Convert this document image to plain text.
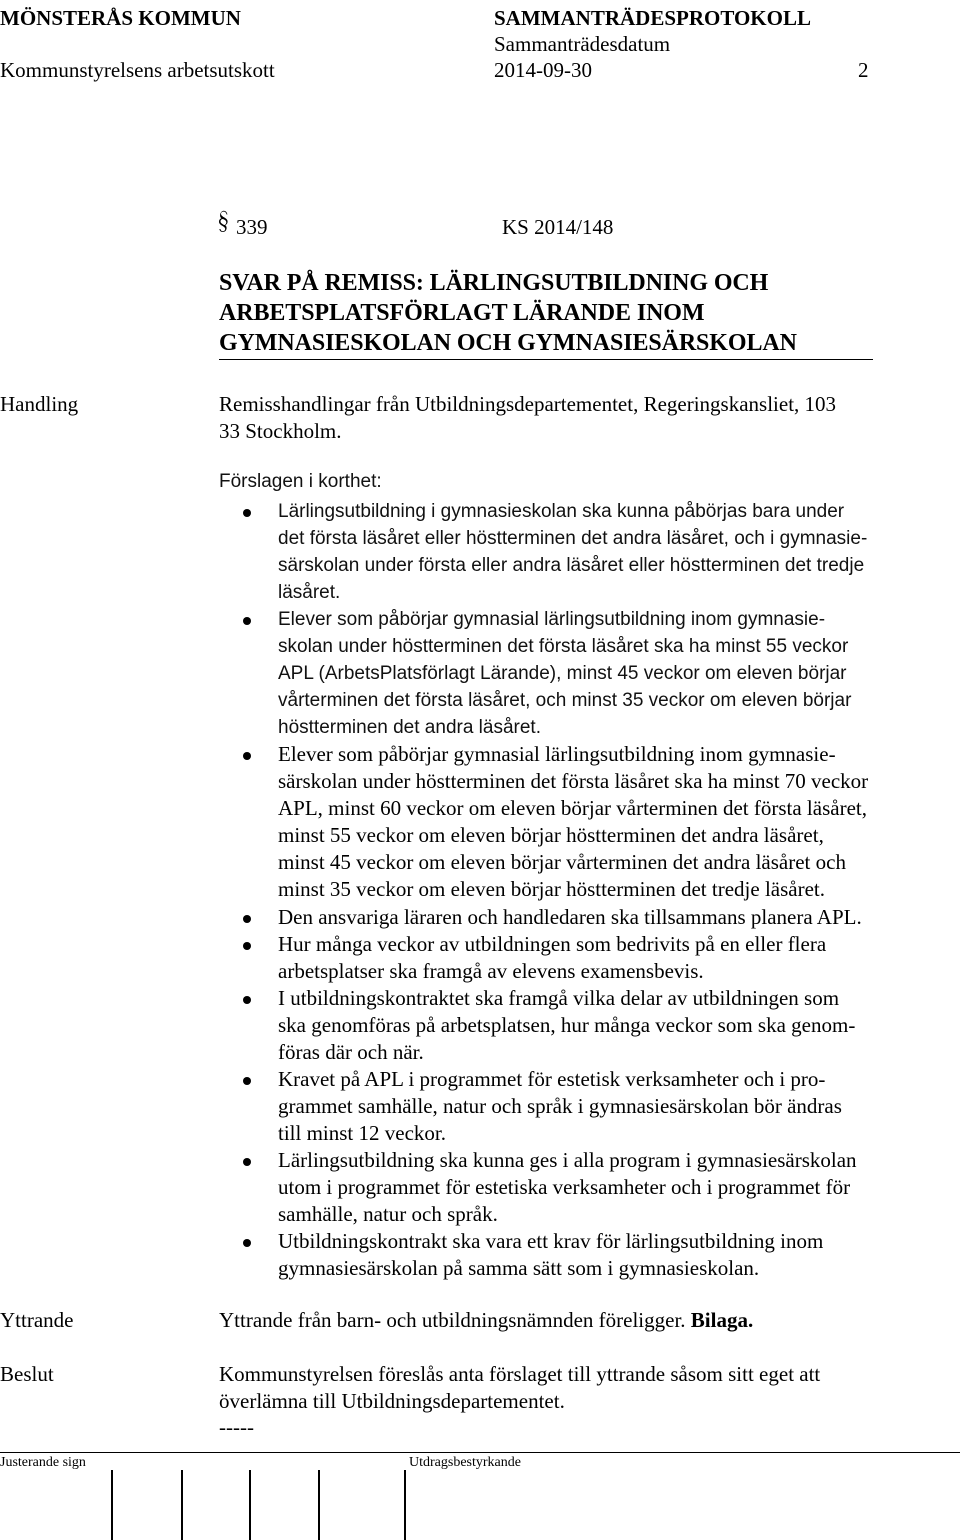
MÖNSTERÅS KOMMUN	SAMMANTRÄDESPROTOKOLL
Sammanträdesdatum
Kommunstyrelsens arbetsutskott	2014-09-30	2
339	KS 2014/148
SVAR PÅ REMISS: LÄRLINGSUTBILDNING OCH
ARBETSPLATSFÖRLAGT LÄRANDE INOM
GYMNASIESKOLAN OCH GYMNASIESÄRSKOLAN
Handling	Remisshandlingar från Utbildningsdepartementet, Regeringskansliet, 103
33 Stockholm.
Förslagen i korthet:
Lärlingsutbildning i gymnasieskolan ska kunna påbörjas bara under
det första läsåret eller höstterminen det andra läsåret, och i gymnasie-
särskolan under första eller andra läsåret eller höstterminen det tredje
läsåret.
Elever som påbörjar gymnasial lärlingsutbildning inom gymnasie-
skolan under höstterminen det första läsåret ska ha minst 55 veckor
APL (ArbetsPlatsförlagt Lärande), minst 45 veckor om eleven börjar
vårterminen det första läsåret, och minst 35 veckor om eleven börjar
höstterminen det andra läsåret.
Elever som påbörjar gymnasial lärlingsutbildning inom gymnasie-
särskolan under höstterminen det första läsåret ska ha minst 70 veckor
APL, minst 60 veckor om eleven börjar vårterminen det första läsåret,
minst 55 veckor om eleven börjar höstterminen det andra läsåret,
minst 45 veckor om eleven börjar vårterminen det andra läsåret och
minst 35 veckor om eleven börjar höstterminen det tredje läsåret.
Den ansvariga läraren och handledaren ska tillsammans planera APL.
Hur många veckor av utbildningen som bedrivits på en eller flera
arbetsplatser ska framgå av elevens examensbevis.
I utbildningskontraktet ska framgå vilka delar av utbildningen som
ska genomföras på arbetsplatsen, hur många veckor som ska genom-
föras där och när.
Kravet på APL i programmet för estetisk verksamheter och i pro-
grammet samhälle, natur och språk i gymnasiesärskolan bör ändras
till minst 12 veckor.
Lärlingsutbildning ska kunna ges i alla program i gymnasiesärskolan
utom i programmet för estetiska verksamheter och i programmet för
samhälle, natur och språk.
Utbildningskontrakt ska vara ett krav för lärlingsutbildning inom
gymnasiesärskolan på samma sätt som i gymnasieskolan.
Yttrande	Yttrande från barn- och utbildningsnämnden föreligger. Bilaga.
Beslut	Kommunstyrelsen föreslås anta förslaget till yttrande såsom sitt eget att
överlämna till Utbildningsdepartementet.
-----
Justerande sign	Utdragsbestyrkande
